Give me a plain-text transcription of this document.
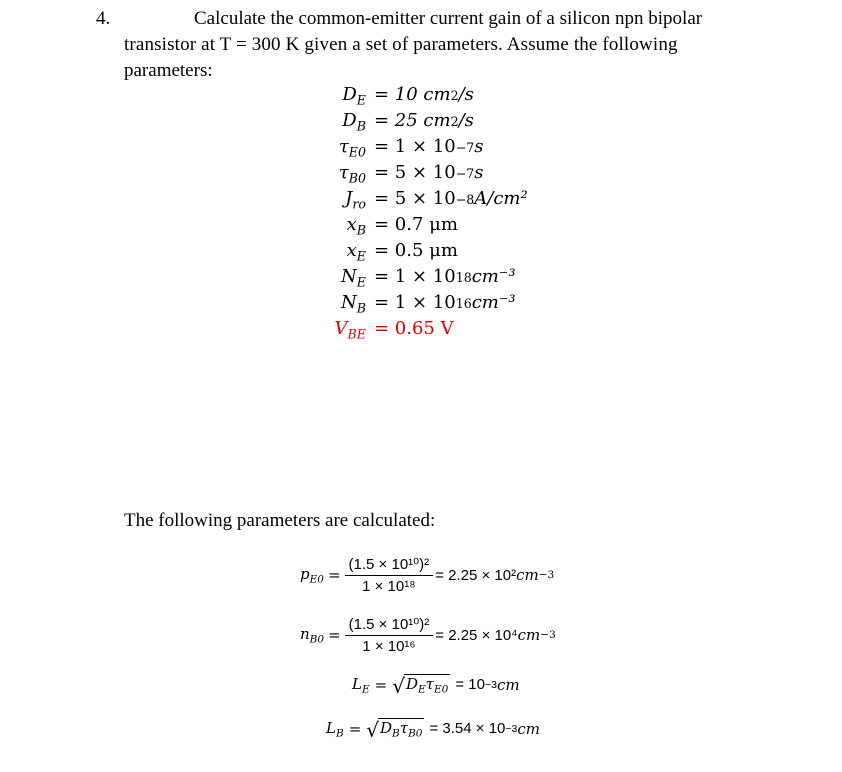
4.	Calculate the common-emitter current gain of a silicon npn bipolar
transistor at T = 300 K given a set of parameters. Assume the following
parameters:
$D_E = 10$ cm 2 /s
$D_B = 25$ cm 2 /s
$\tau_{E0} = 1 \times 10 -7$ s
$\tau_{B0} = 5 \times 10 -7$ s
$J_{ro} = 5 \times 10 -8$ A/cm²
$x_B = 0.7$ μm
$x_E = 0.5$ μm
$N_E = 1 \times 10$ 18 cm⁻³
$N_B = 1 \times 10$ 16 cm⁻³
$V_{BE} = 0.65$ V
The following parameters are calculated:
$p_{E0} = \frac{\text{(1.5 × 10¹⁰)²}}{\text{1 × 10¹⁸}} = 2.25 \times 10^2$ cm −3
$n_{B0} = \frac{\text{(1.5 × 10¹⁰)²}}{\text{1 × 10¹⁶}} = 2.25 \times 10^4$ cm −3
$L_E$ = √ $D_E\tau_{E0} = 10 -3$ cm
$L_B$ = √ $D_B\tau_{B0} = 3.54 \times 10 -3$ cm
